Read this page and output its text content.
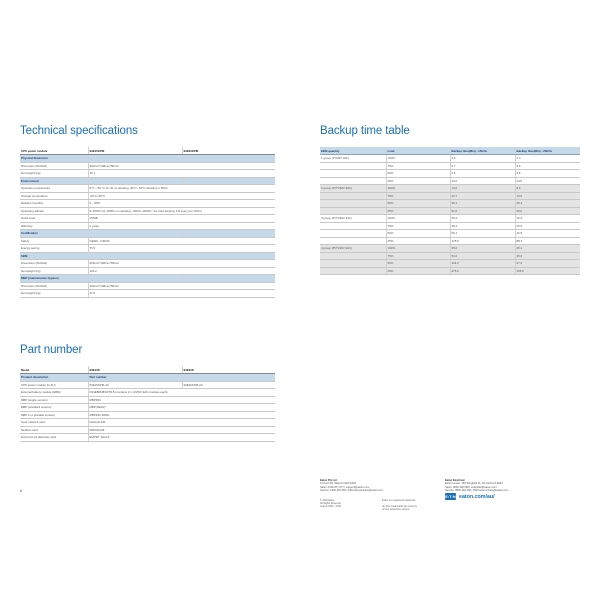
Technical specifications	Backup time table
Part number
UPS power module	93E15KPM	93E20KPM
Physical dimension		
Dimension (WxDxH)	500mm*438mm*80mm	
Net weight (kg)	25.1	
Environment		
Operation temperature	0°C ~ 50 °C (0~40 no derating, 40°C~ 50°C derating to 50%)	
Storage temperature	-25°C~55°C	
Relative humidity	5 ~ 95%	
Operating altitude	0~4000m (0~1000m no derating, 1000m~4000m: the load derating 1% every per 100m)	
Noise level	≤55dB	
Warranty	2 years	
Certification		
Safety	CE/EC, C/RCM	
Energy saving	TÜV	
SBM		
Dimension (WxDxH)	506mm*438mm*86mm	
Net weight (kg)	124.2	
MBP (maintenance bypass)		
Dimension (WxDxH)	300mm*438mm*86mm	
Net weight (kg)	21.5	
Model	93E15K	93E20K
Product description	Part number	
UPS power module (in AU)	93E15KPM-AU	93E20KPM-AU
External battery module (EBM)	R24EBM48VRTB-5 (contains 2 x 12VDC 9Ah modules each)	
MBP (single version)	MBPDIN	
MBP (standard version)	MBP(SERV)	
MBP 1+1 (parallel version)	MBPDIN-PARA	
Gear network card	Network-M2	
Modbus card	INDGW-M2	
Environment detection card	EMPDT 1H1C2	
EBM quantity	Load	Backup time(Min) - 15kVA	Backup time(Min) - 20kVA
1 group (2*240V 9Ah)	100%	3.6	2.4
	75%	5.7	3.6
	50%	9.5	6.6
	25%	24.0	24.0
2 group (4*2*240V 9Ah)	100%	13.6	8.6
	75%	22.7	13.6
	50%	36.1	25.4
	25%	91.0	60.0
3 group (6*2*240V 9Ah)	100%	26.6	10.0
	75%	38.4	26.6
	50%	65.1	42.9
	25%	178.5	88.7
4 group (8*2*240V 9Ah)	100%	35.0	25.1
	75%	54.6	35.0
	50%	104.2	67.2
	25%	275.6	155.0
6
Eaton Pty Ltd
10 Kent Rd, Mascot NSW 2020
Sales: 1300 877 877 | support@eaton.com
Service: 1300 362 052 | PDCustomerCare@eaton.com
Eaton Electrical
Eaton House, 165 Wingfield St, Christchurch 8042
Sales: 0800 328 668 | ordersNZ@eaton.com
Service: 0800 362 052 | PDCustomerCare@eaton.com
© 2023 Eaton
All Rights Reserved
August 2023 · 2158
Eaton is a registered trademark.
All other trademarks are property
of their respective owners.
E:T·N eaton.com/au/
